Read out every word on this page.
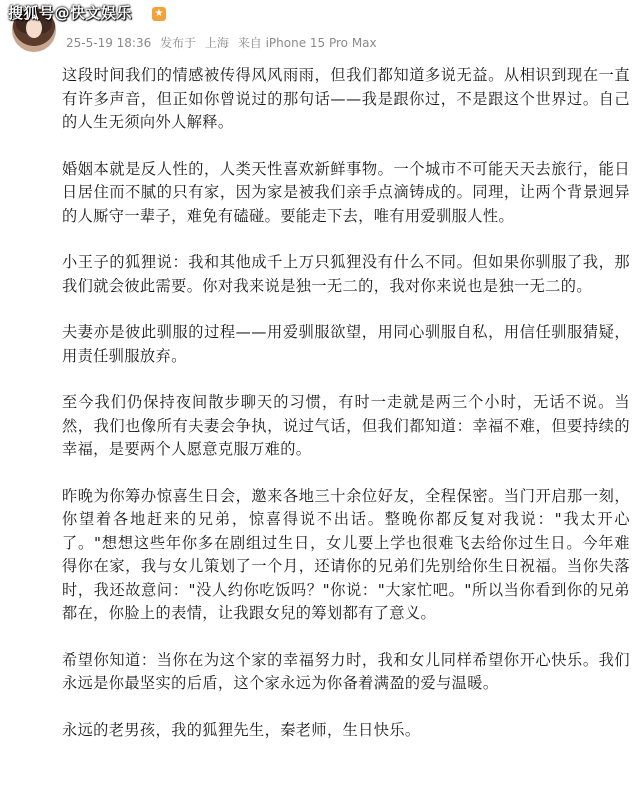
搜狐号@快文娱乐 ★
25-5-19 18:36 发布于 上海 来自 iPhone 15 Pro Max

这段时间我们的情感被传得风风雨雨，但我们都知道多说无益。从相识到现在一直有许多声音，但正如你曾说过的那句话——我是跟你过，不是跟这个世界过。自己的人生无须向外人解释。

婚姻本就是反人性的，人类天性喜欢新鲜事物。一个城市不可能天天去旅行，能日日居住而不腻的只有家，因为家是被我们亲手点滴铸成的。同理，让两个背景迥异的人厮守一辈子，难免有磕碰。要能走下去，唯有用爱驯服人性。

小王子的狐狸说：我和其他成千上万只狐狸没有什么不同。但如果你驯服了我，那我们就会彼此需要。你对我来说是独一无二的，我对你来说也是独一无二的。

夫妻亦是彼此驯服的过程——用爱驯服欲望，用同心驯服自私，用信任驯服猜疑，用责任驯服放弃。

至今我们仍保持夜间散步聊天的习惯，有时一走就是两三个小时，无话不说。当然，我们也像所有夫妻会争执，说过气话，但我们都知道：幸福不难，但要持续的幸福，是要两个人愿意克服万难的。

昨晚为你筹办惊喜生日会，邀来各地三十余位好友，全程保密。当门开启那一刻，你望着各地赶来的兄弟，惊喜得说不出话。整晚你都反复对我说："我太开心了。"想想这些年你多在剧组过生日，女儿要上学也很难飞去给你过生日。今年难得你在家，我与女儿策划了一个月，还请你的兄弟们先别给你生日祝福。当你失落时，我还故意问："没人约你吃饭吗？"你说："大家忙吧。"所以当你看到你的兄弟都在，你脸上的表情，让我跟女兒的筹划都有了意义。

希望你知道：当你在为这个家的幸福努力时，我和女儿同样希望你开心快乐。我们永远是你最坚实的后盾，这个家永远为你备着满盈的爱与温暖。

永远的老男孩，我的狐狸先生，秦老师，生日快乐。
